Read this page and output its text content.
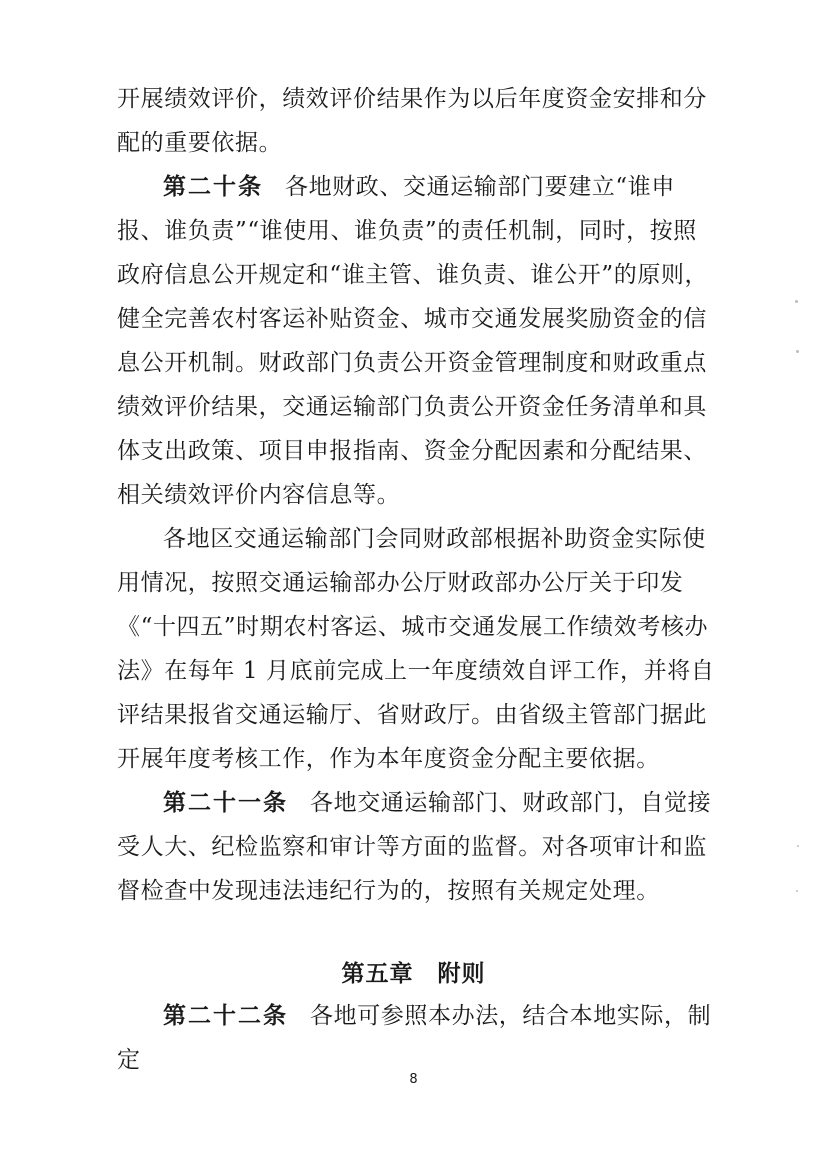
开展绩效评价，绩效评价结果作为以后年度资金安排和分配的重要依据。

第二十条 各地财政、交通运输部门要建立“谁申报、谁负责”“谁使用、谁负责”的责任机制，同时，按照政府信息公开规定和“谁主管、谁负责、谁公开”的原则，健全完善农村客运补贴资金、城市交通发展奖励资金的信息公开机制。财政部门负责公开资金管理制度和财政重点绩效评价结果，交通运输部门负责公开资金任务清单和具体支出政策、项目申报指南、资金分配因素和分配结果、相关绩效评价内容信息等。

各地区交通运输部门会同财政部根据补助资金实际使用情况，按照交通运输部办公厅财政部办公厅关于印发《“十四五”时期农村客运、城市交通发展工作绩效考核办法》在每年 1 月底前完成上一年度绩效自评工作，并将自评结果报省交通运输厅、省财政厅。由省级主管部门据此开展年度考核工作，作为本年度资金分配主要依据。

第二十一条 各地交通运输部门、财政部门，自觉接受人大、纪检监察和审计等方面的监督。对各项审计和监督检查中发现违法违纪行为的，按照有关规定处理。

第五章 附则

第二十二条 各地可参照本办法，结合本地实际，制定

8
